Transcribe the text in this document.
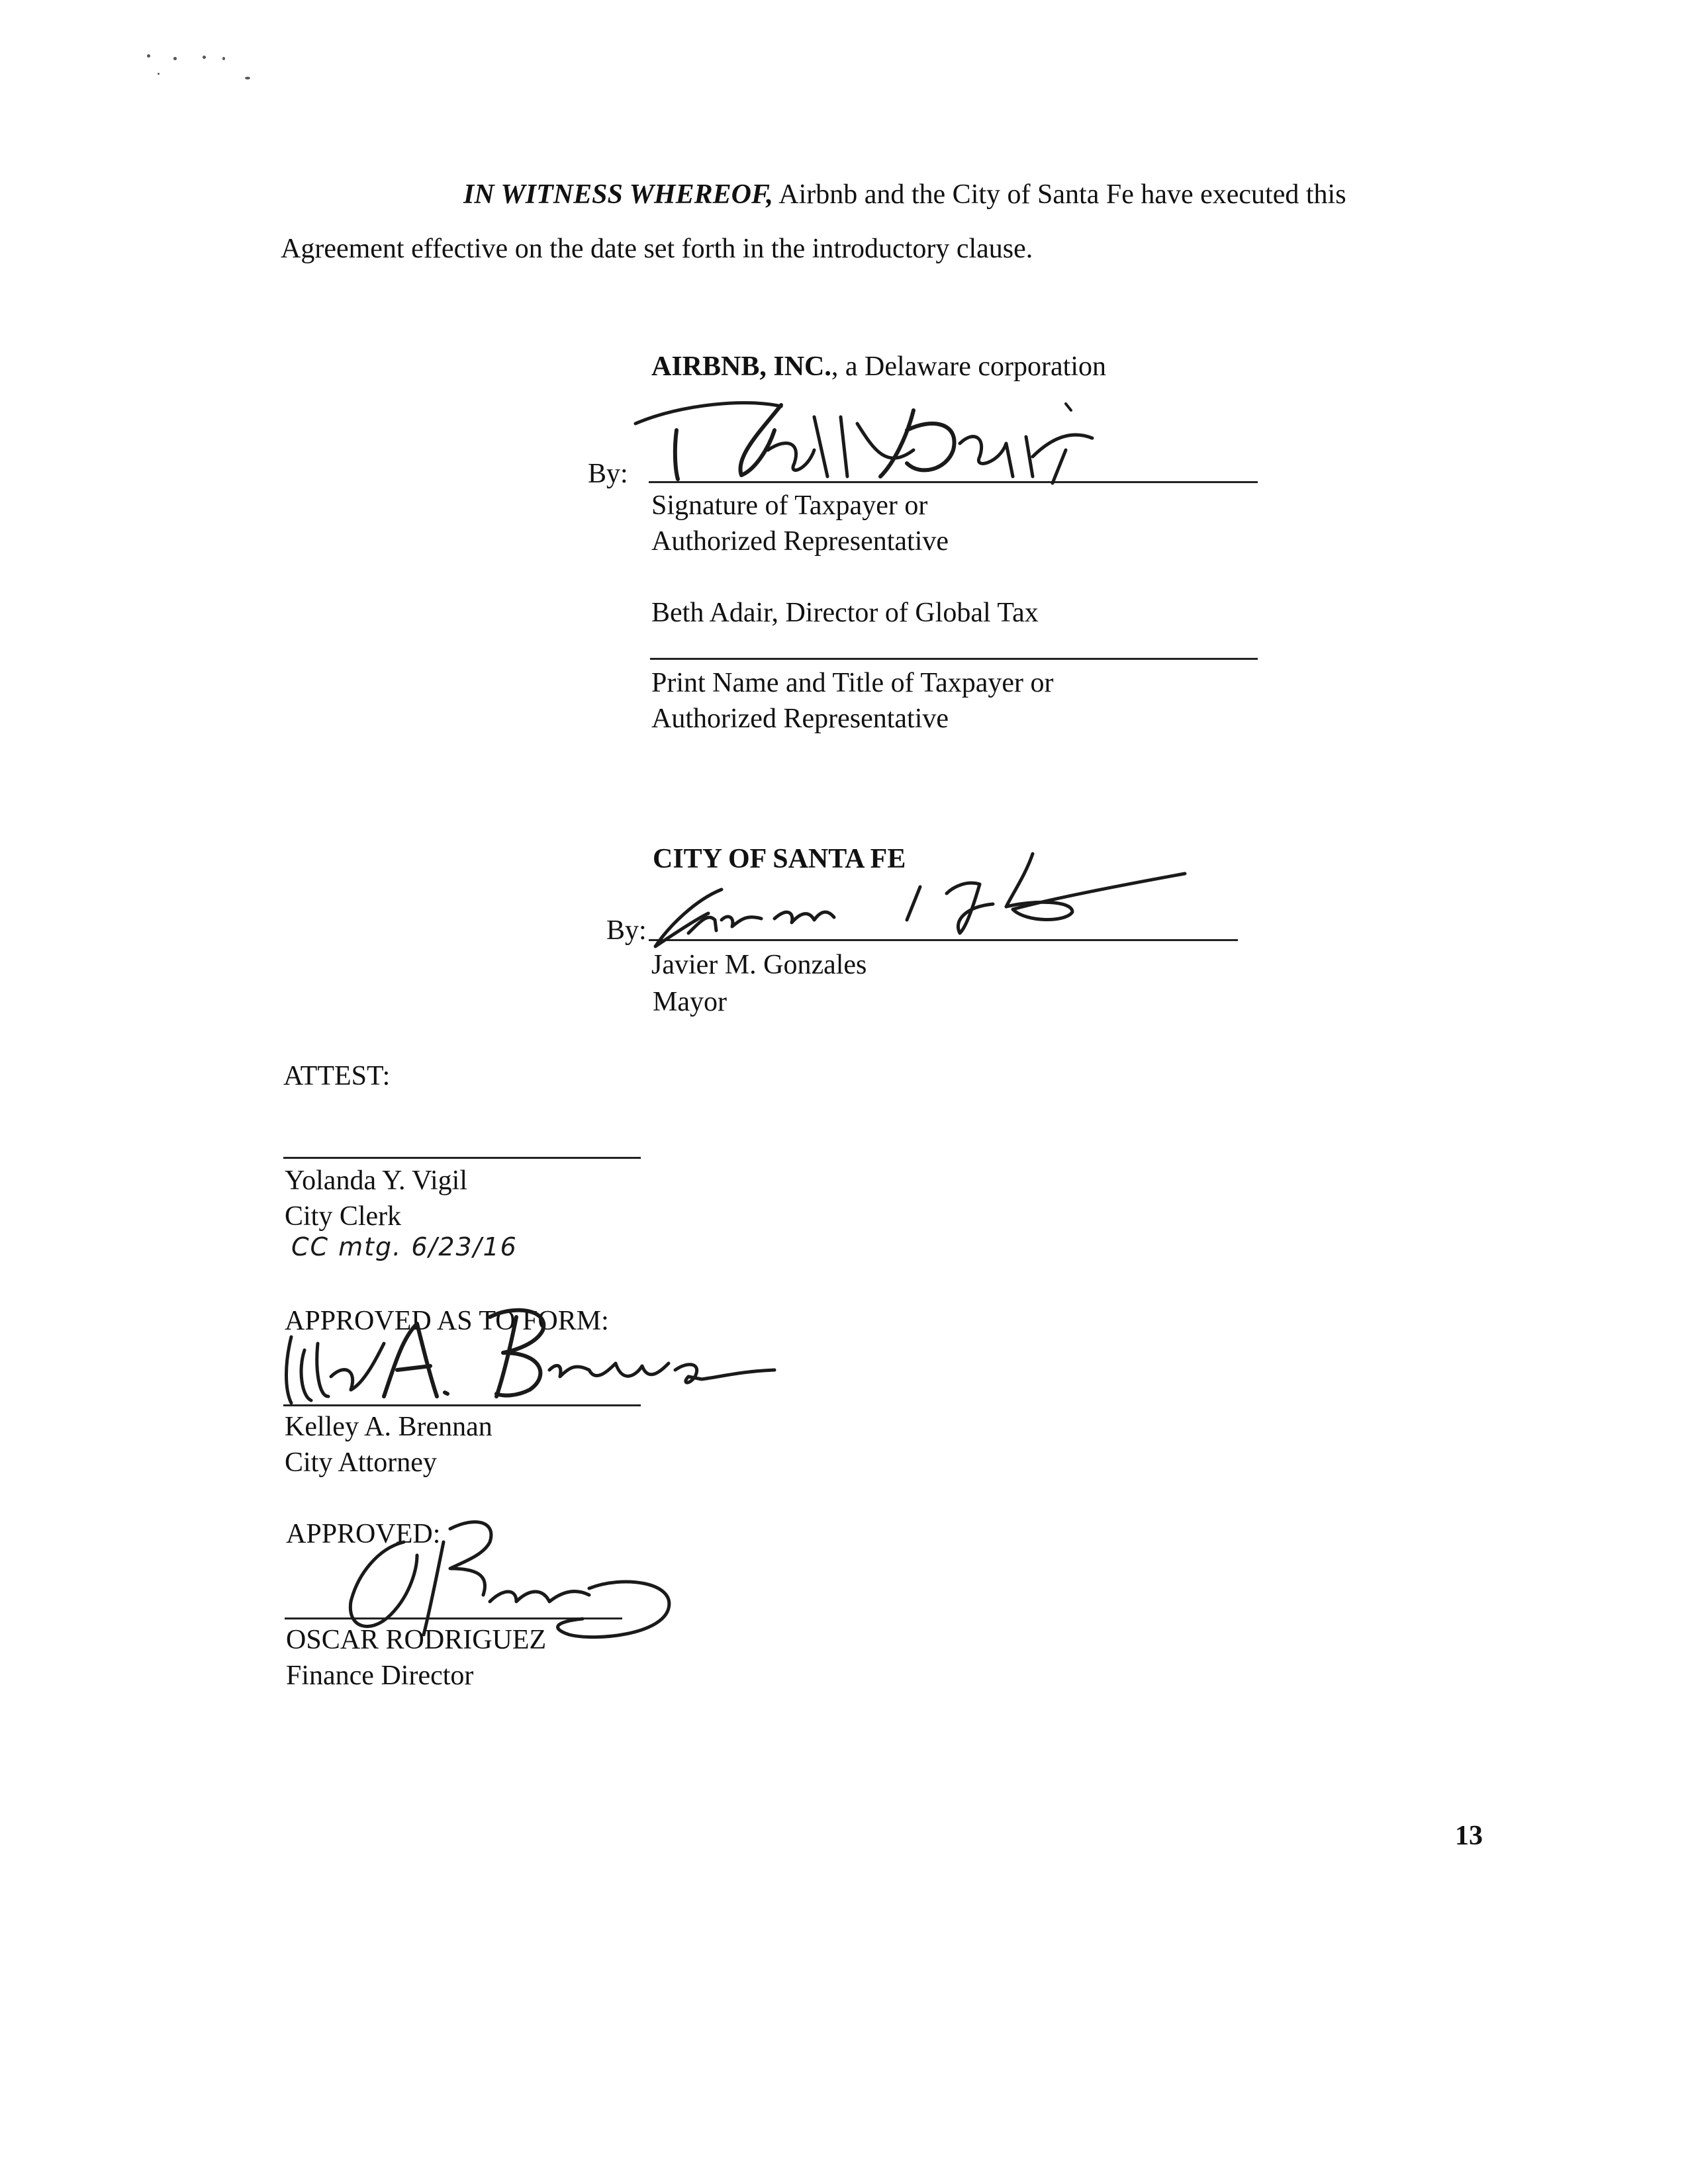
IN WITNESS WHEREOF, Airbnb and the City of Santa Fe have executed this
Agreement effective on the date set forth in the introductory clause.
AIRBNB, INC., a Delaware corporation
By:
Signature of Taxpayer or
Authorized Representative
Beth Adair, Director of Global Tax
Print Name and Title of Taxpayer or
Authorized Representative
CITY OF SANTA FE
By:
Javier M. Gonzales
Mayor
ATTEST:
Yolanda Y. Vigil
City Clerk
CC mtg. 6/23/16
APPROVED AS TO FORM:
Kelley A. Brennan
City Attorney
APPROVED:
OSCAR RODRIGUEZ
Finance Director
13
